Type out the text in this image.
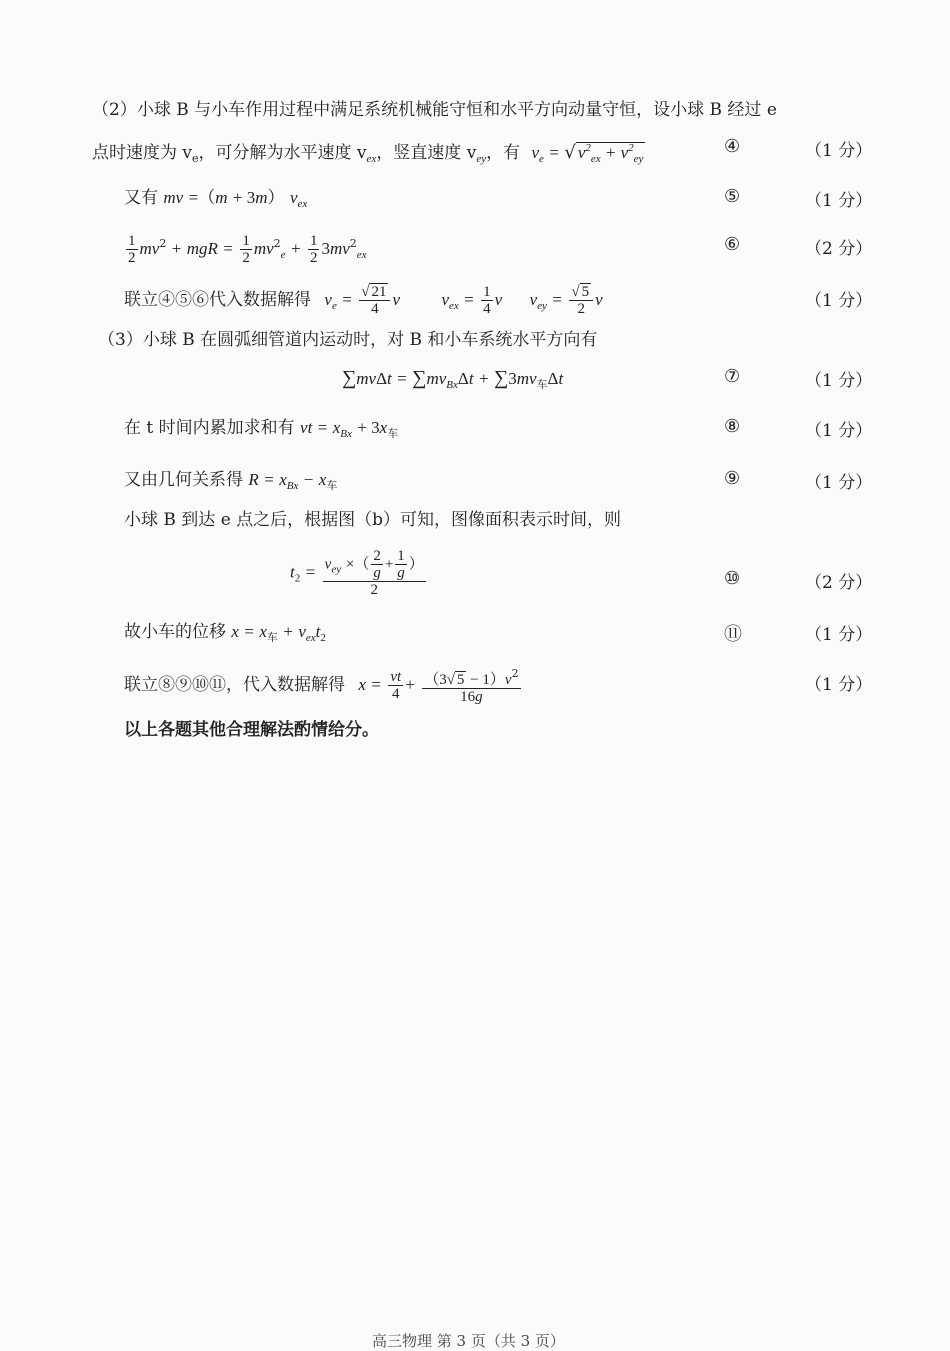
（2）小球 B 与小车作用过程中满足系统机械能守恒和水平方向动量守恒，设小球 B 经过 e
点时速度为 $v_e$，可分解为水平速度 $v_{ex}$，竖直速度 $v_{ey}$，有 $v_e$ = √ $v^2_{ex} + v^2_{ey}$
④	（1 分）
又有 mv =（m + 3m） $v_{ex}$	⑤	（1 分）
$\frac{1}{2} mv^2$ + mgR = $\frac{1}{2} mv^2_e + \frac{1}{2} 3mv^2_{ex}$	⑥	（2 分）
联立④⑤⑥代入数据解得 $v_e = \frac{√ 21}{4}$ v $v_{ex} = \frac{1}{4}$ v $v_{ey} = \frac{√ 5}{2}$ v	（1 分）
（3）小球 B 在圆弧细管道内运动时，对 B 和小车系统水平方向有
$\sum mv\Delta t = \sum mv_{Bx}\Delta t + \sum 3mv_车\Delta t$	⑦	（1 分）
在 t 时间内累加求和有 vt = $x_{Bx} + 3x_车$	⑧	（1 分）
又由几何关系得 $R = x_{Bx} - x_车$	⑨	（1 分）
小球 B 到达 e 点之后，根据图（b）可知，图像面积表示时间，则
$t_2 = \frac{v_{ey} \times( \frac{2}{g} + \frac{1}{g} )}{2}$	⑩	（2 分）
故小车的位移 $x = x_车 + v_{ex}t_2$	⑪	（1 分）
联立⑧⑨⑩⑪，代入数据解得 $x = \frac{vt}{4} + \frac{(3√ 5 - 1)v^2}{16g}$	（1 分）
以上各题其他合理解法酌情给分。
高三物理 第 3 页（共 3 页）
